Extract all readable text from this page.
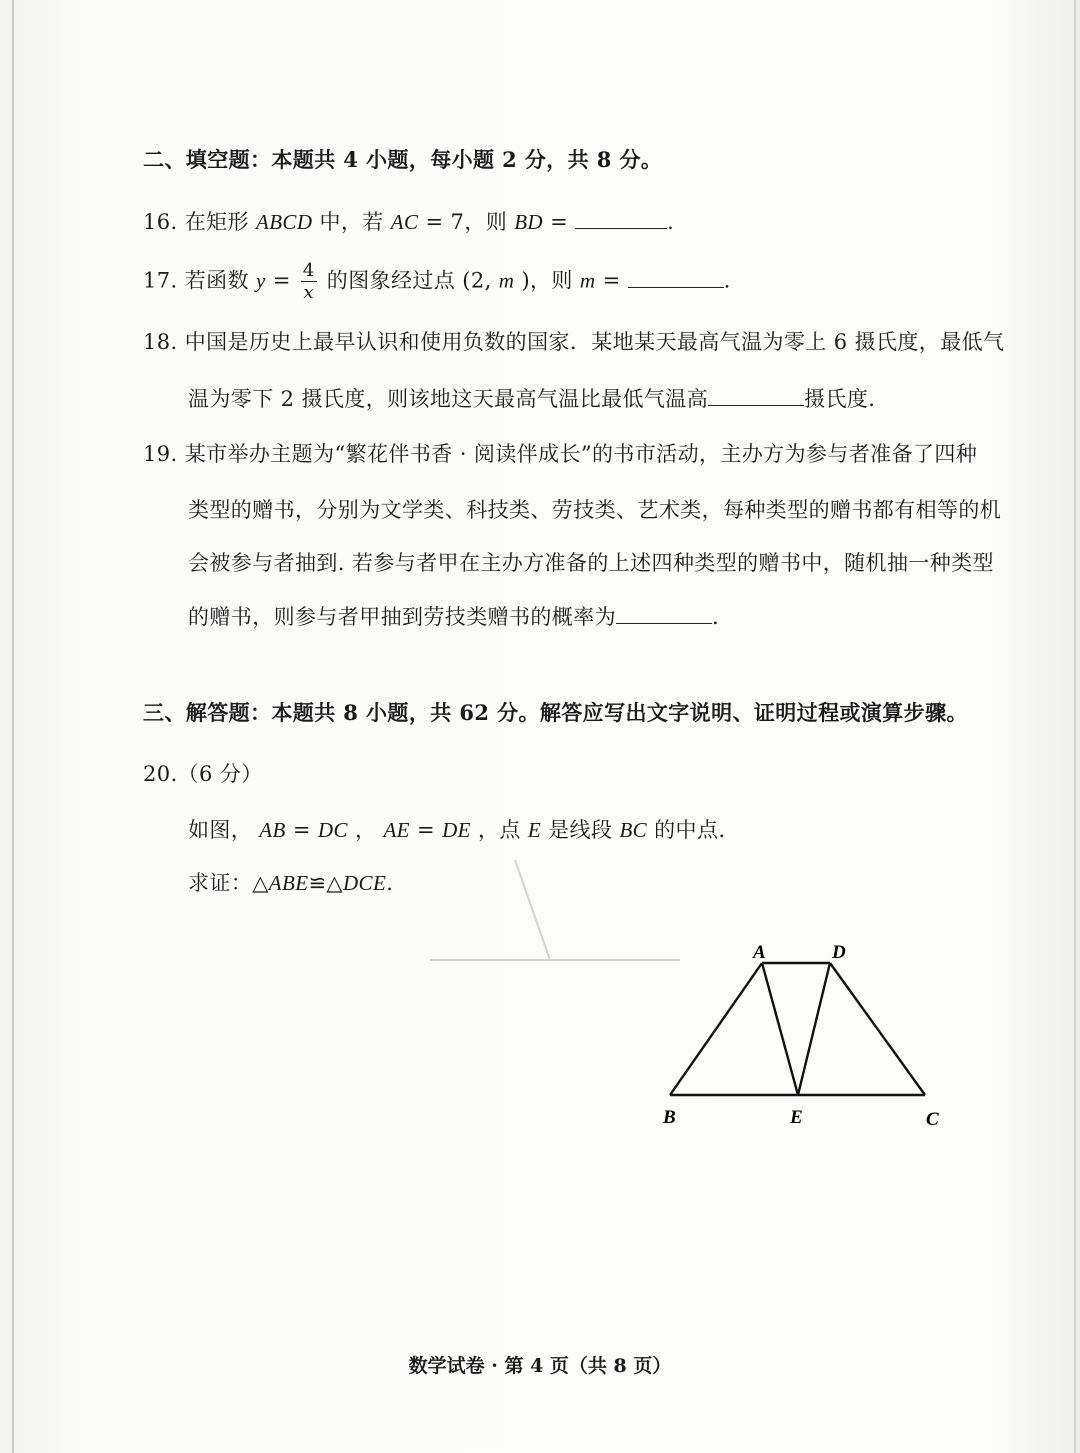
二、填空题：本题共 4 小题，每小题 2 分，共 8 分。
16. 在矩形 ABCD 中，若 AC = 7，则 BD =	.
17. 若函数 $y = \frac{4}{x}$ 的图象经过点 (2, m )，则 m =	.
18. 中国是历史上最早认识和使用负数的国家．某地某天最高气温为零上 6 摄氏度，最低气
温为零下 2 摄氏度，则该地这天最高气温比最低气温高	摄氏度.
19. 某市举办主题为“繁花伴书香 · 阅读伴成长”的书市活动，主办方为参与者准备了四种
类型的赠书，分别为文学类、科技类、劳技类、艺术类，每种类型的赠书都有相等的机
会被参与者抽到. 若参与者甲在主办方准备的上述四种类型的赠书中，随机抽一种类型
的赠书，则参与者甲抽到劳技类赠书的概率为	.
三、解答题：本题共 8 小题，共 62 分。解答应写出文字说明、证明过程或演算步骤。
20.（6 分）
如图， AB = DC ， AE = DE ，点 E 是线段 BC 的中点.
求证：△ABE≌△DCE.
A	D
B	E	C
数学试卷 · 第 4 页（共 8 页）
